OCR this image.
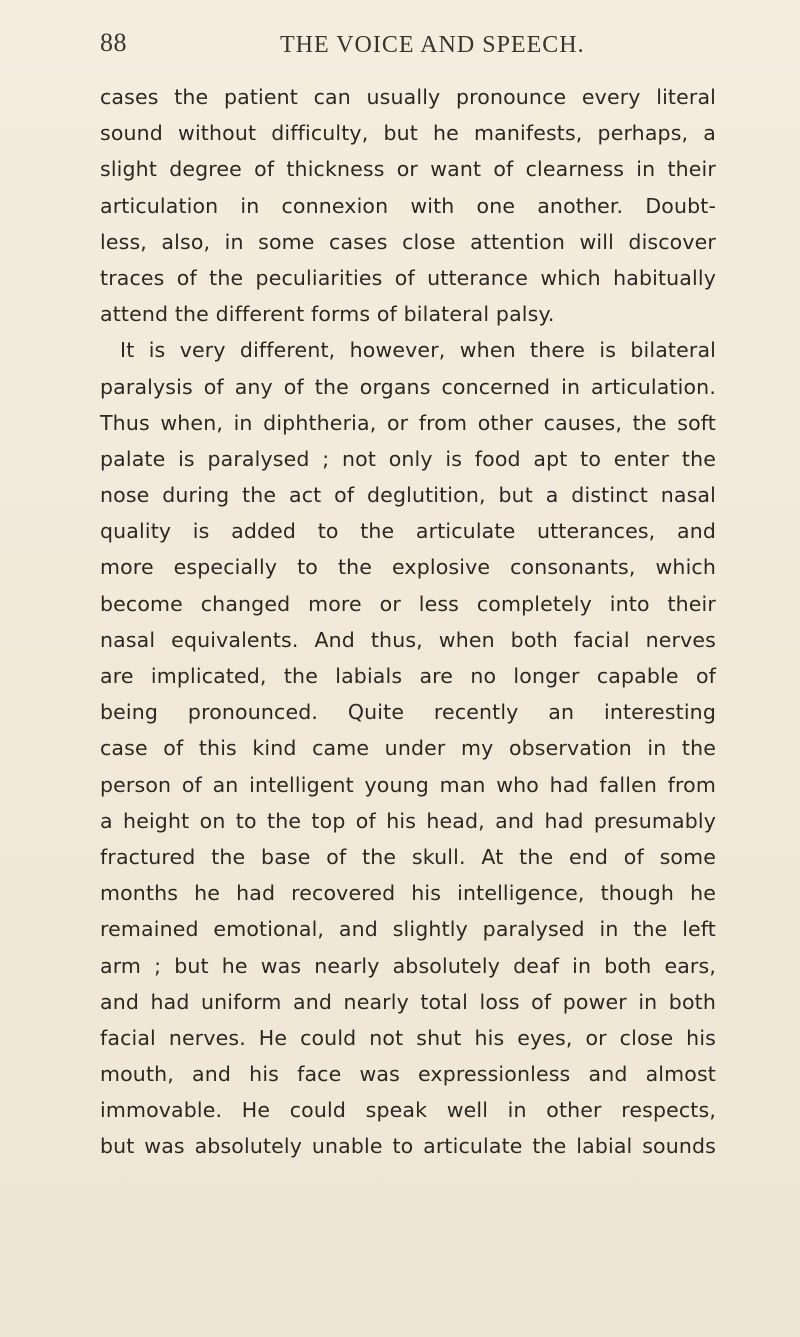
88	THE VOICE AND SPEECH.
cases the patient can usually pronounce every literal
sound without difficulty, but he manifests, perhaps, a
slight degree of thickness or want of clearness in their
articulation in connexion with one another. Doubt-
less, also, in some cases close attention will discover
traces of the peculiarities of utterance which habitually
attend the different forms of bilateral palsy.
It is very different, however, when there is bilateral
paralysis of any of the organs concerned in articulation.
Thus when, in diphtheria, or from other causes, the soft
palate is paralysed ; not only is food apt to enter the
nose during the act of deglutition, but a distinct nasal
quality is added to the articulate utterances, and
more especially to the explosive consonants, which
become changed more or less completely into their
nasal equivalents. And thus, when both facial nerves
are implicated, the labials are no longer capable of
being pronounced. Quite recently an interesting
case of this kind came under my observation in the
person of an intelligent young man who had fallen from
a height on to the top of his head, and had presumably
fractured the base of the skull. At the end of some
months he had recovered his intelligence, though he
remained emotional, and slightly paralysed in the left
arm ; but he was nearly absolutely deaf in both ears,
and had uniform and nearly total loss of power in both
facial nerves. He could not shut his eyes, or close his
mouth, and his face was expressionless and almost
immovable. He could speak well in other respects,
but was absolutely unable to articulate the labial sounds
